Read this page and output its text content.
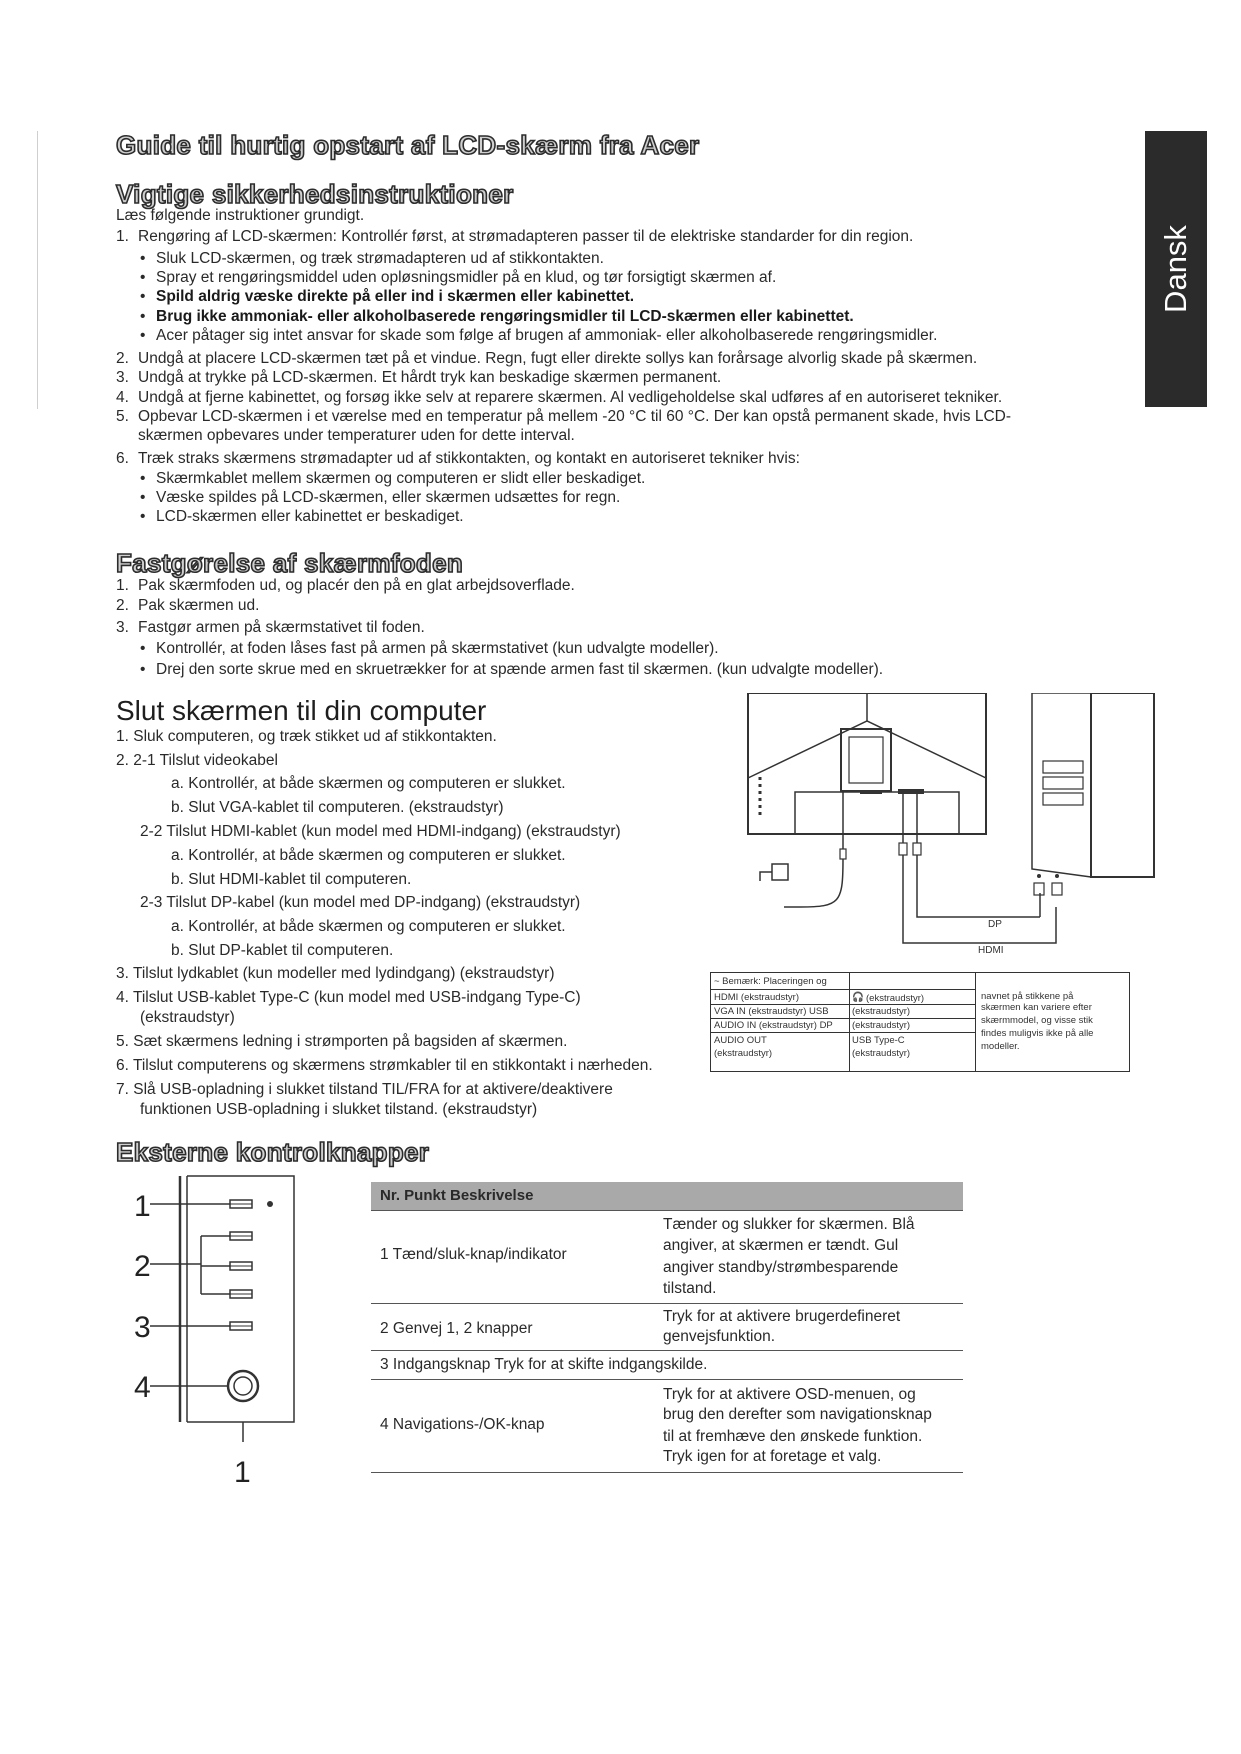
Dansk
Guide til hurtig opstart af LCD-skærm fra Acer
Vigtige sikkerhedsinstruktioner
Læs følgende instruktioner grundigt.
1. Rengøring af LCD-skærmen: Kontrollér først, at strømadapteren passer til de elektriske standarder for din region.
• Sluk LCD-skærmen, og træk strømadapteren ud af stikkontakten.
• Spray et rengøringsmiddel uden opløsningsmidler på en klud, og tør forsigtigt skærmen af.
• Spild aldrig væske direkte på eller ind i skærmen eller kabinettet.
• Brug ikke ammoniak- eller alkoholbaserede rengøringsmidler til LCD-skærmen eller kabinettet.
• Acer påtager sig intet ansvar for skade som følge af brugen af ammoniak- eller alkoholbaserede rengøringsmidler.
2. Undgå at placere LCD-skærmen tæt på et vindue. Regn, fugt eller direkte sollys kan forårsage alvorlig skade på skærmen.
3. Undgå at trykke på LCD-skærmen. Et hårdt tryk kan beskadige skærmen permanent.
4. Undgå at fjerne kabinettet, og forsøg ikke selv at reparere skærmen. Al vedligeholdelse skal udføres af en autoriseret tekniker.
5. Opbevar LCD-skærmen i et værelse med en temperatur på mellem -20 °C til 60 °C. Der kan opstå permanent skade, hvis LCD-
skærmen opbevares under temperaturer uden for dette interval.
6. Træk straks skærmens strømadapter ud af stikkontakten, og kontakt en autoriseret tekniker hvis:
• Skærmkablet mellem skærmen og computeren er slidt eller beskadiget.
• Væske spildes på LCD-skærmen, eller skærmen udsættes for regn.
• LCD-skærmen eller kabinettet er beskadiget.
Fastgørelse af skærmfoden
1. Pak skærmfoden ud, og placér den på en glat arbejdsoverflade.
2. Pak skærmen ud.
3. Fastgør armen på skærmstativet til foden.
• Kontrollér, at foden låses fast på armen på skærmstativet (kun udvalgte modeller).
• Drej den sorte skrue med en skruetrækker for at spænde armen fast til skærmen. (kun udvalgte modeller).
Slut skærmen til din computer
1. Sluk computeren, og træk stikket ud af stikkontakten.
2. 2-1 Tilslut videokabel
a. Kontrollér, at både skærmen og computeren er slukket.
b. Slut VGA-kablet til computeren. (ekstraudstyr)
2-2 Tilslut HDMI-kablet (kun model med HDMI-indgang) (ekstraudstyr)
a. Kontrollér, at både skærmen og computeren er slukket.
b. Slut HDMI-kablet til computeren.
2-3 Tilslut DP-kabel (kun model med DP-indgang) (ekstraudstyr)
a. Kontrollér, at både skærmen og computeren er slukket.
b. Slut DP-kablet til computeren.
3. Tilslut lydkablet (kun modeller med lydindgang) (ekstraudstyr)
4. Tilslut USB-kablet Type-C (kun model med USB-indgang Type-C)
(ekstraudstyr)
5. Sæt skærmens ledning i strømporten på bagsiden af skærmen.
6. Tilslut computerens og skærmens strømkabler til en stikkontakt i nærheden.
7. Slå USB-opladning i slukket tilstand TIL/FRA for at aktivere/deaktivere
funktionen USB-opladning i slukket tilstand. (ekstraudstyr)
DP
HDMI
~ Bemærk: Placeringen og
HDMI (ekstraudstyr)
VGA IN (ekstraudstyr) USB
AUDIO IN (ekstraudstyr) DP
AUDIO OUT
(ekstraudstyr)
🎧 (ekstraudstyr)
(ekstraudstyr)
(ekstraudstyr)
USB Type-C
(ekstraudstyr)
navnet på stikkene på
skærmen kan variere efter
skærmmodel, og visse stik
findes muligvis ikke på alle
modeller.
Eksterne kontrolknapper
1
2
3
4
1
Nr. Punkt Beskrivelse
1 Tænd/sluk-knap/indikator
Tænder og slukker for skærmen. Blå
angiver, at skærmen er tændt. Gul
angiver standby/strømbesparende
tilstand.
2 Genvej 1, 2 knapper
Tryk for at aktivere brugerdefineret
genvejsfunktion.
3 Indgangsknap Tryk for at skifte indgangskilde.
4 Navigations-/OK-knap
Tryk for at aktivere OSD-menuen, og
brug den derefter som navigationsknap
til at fremhæve den ønskede funktion.
Tryk igen for at foretage et valg.
